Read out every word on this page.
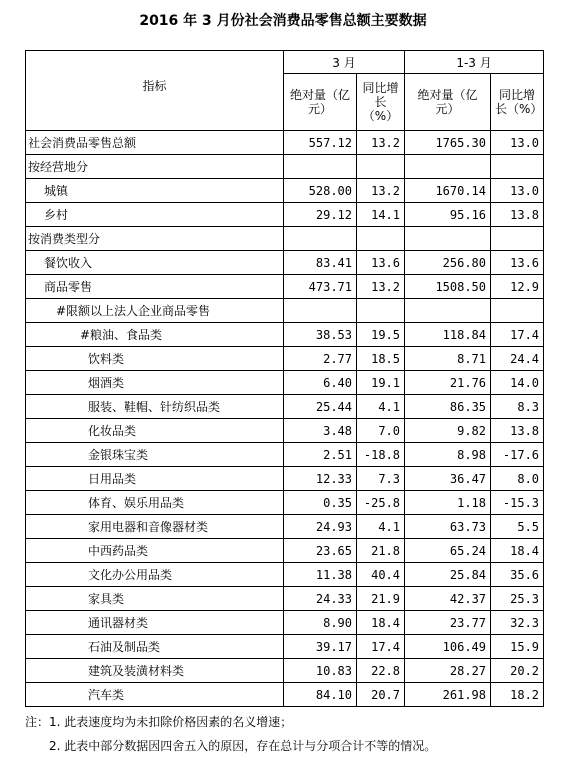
2016 年 3 月份社会消费品零售总额主要数据
指标	3 月		1-3 月	
	绝对量（亿元）	同比增长（%）	绝对量（亿元）	同比增长（%）
社会消费品零售总额	557.12	13.2	1765.30	13.0
按经营地分				
城镇	528.00	13.2	1670.14	13.0
乡村	29.12	14.1	95.16	13.8
按消费类型分				
餐饮收入	83.41	13.6	256.80	13.6
商品零售	473.71	13.2	1508.50	12.9
#限额以上法人企业商品零售				
#粮油、食品类	38.53	19.5	118.84	17.4
饮料类	2.77	18.5	8.71	24.4
烟酒类	6.40	19.1	21.76	14.0
服装、鞋帽、针纺织品类	25.44	4.1	86.35	8.3
化妆品类	3.48	7.0	9.82	13.8
金银珠宝类	2.51	-18.8	8.98	-17.6
日用品类	12.33	7.3	36.47	8.0
体育、娱乐用品类	0.35	-25.8	1.18	-15.3
家用电器和音像器材类	24.93	4.1	63.73	5.5
中西药品类	23.65	21.8	65.24	18.4
文化办公用品类	11.38	40.4	25.84	35.6
家具类	24.33	21.9	42.37	25.3
通讯器材类	8.90	18.4	23.77	32.3
石油及制品类	39.17	17.4	106.49	15.9
建筑及装潢材料类	10.83	22.8	28.27	20.2
汽车类	84.10	20.7	261.98	18.2
注：1. 此表速度均为未扣除价格因素的名义增速；
2. 此表中部分数据因四舍五入的原因，存在总计与分项合计不等的情况。
